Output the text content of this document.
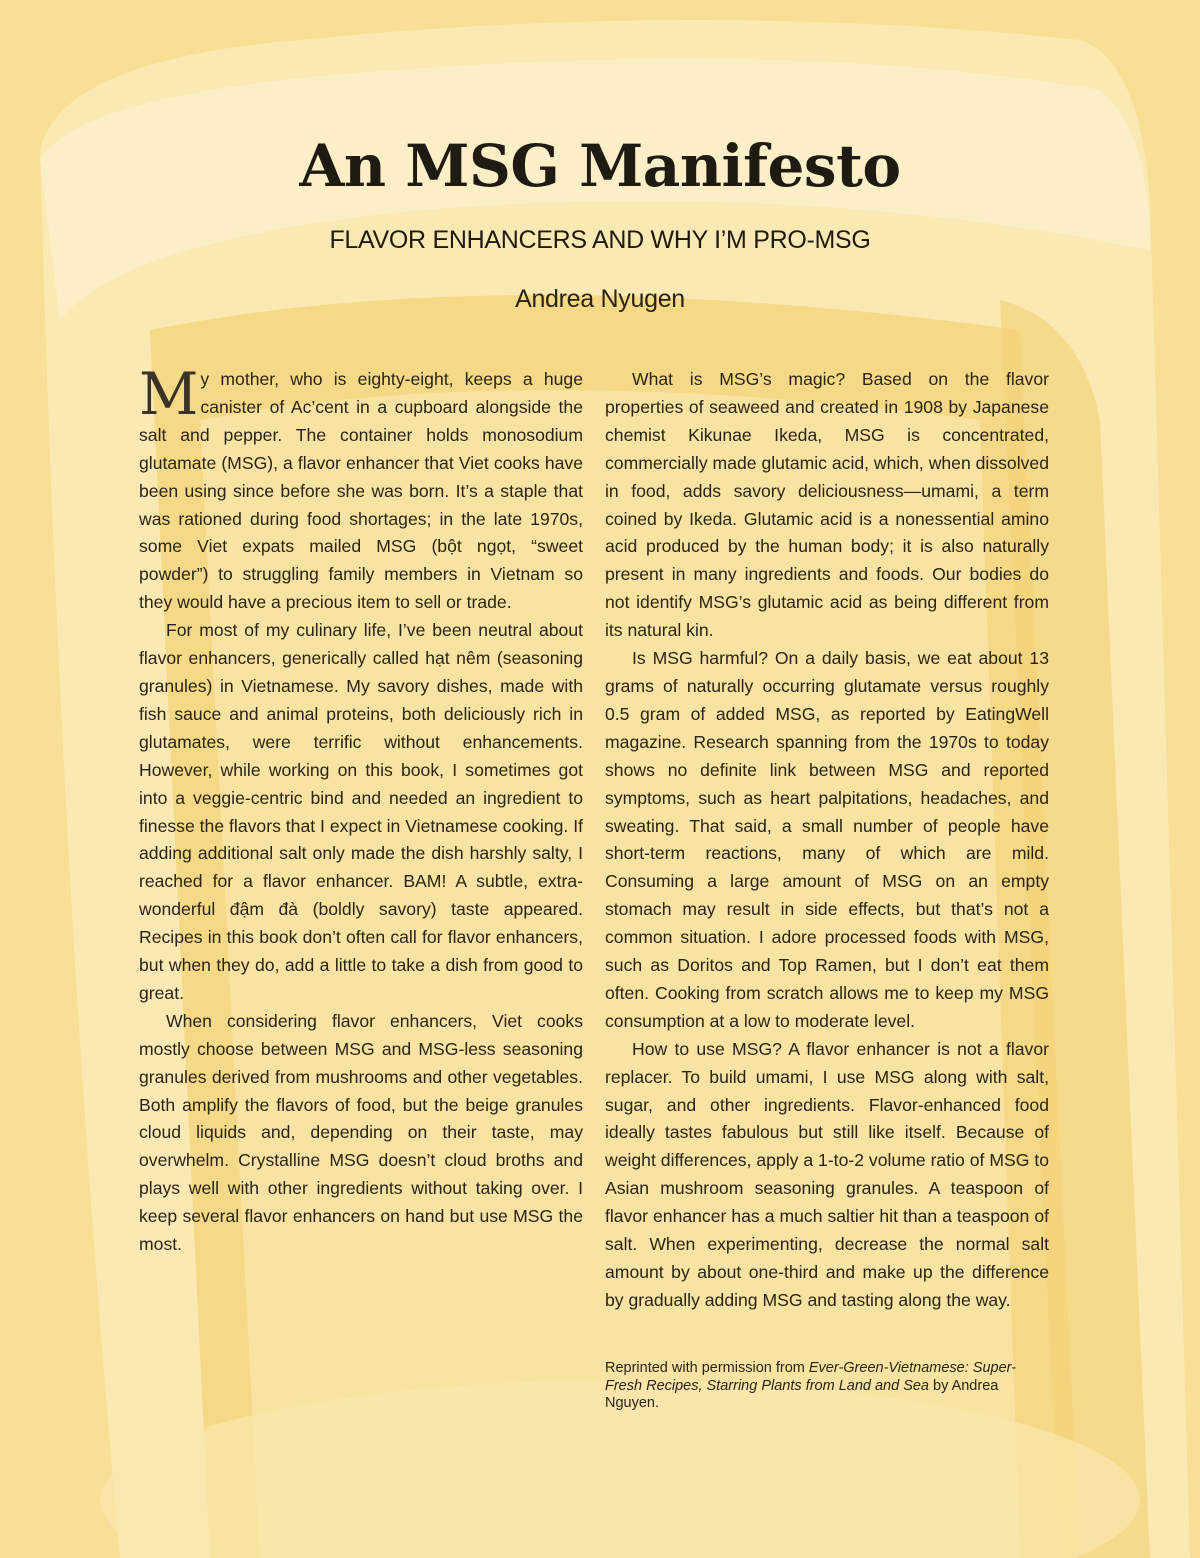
An MSG Manifesto
FLAVOR ENHANCERS AND WHY I’M PRO-MSG
Andrea Nyugen

My mother, who is eighty-eight, keeps a huge canister of Ac’cent in a cupboard alongside the salt and pepper. The container holds monosodium glutamate (MSG), a flavor enhancer that Viet cooks have been using since before she was born. It’s a staple that was rationed during food shortages; in the late 1970s, some Viet expats mailed MSG (bột ngọt, “sweet powder”) to struggling family members in Vietnam so they would have a precious item to sell or trade.

For most of my culinary life, I’ve been neutral about flavor enhancers, generically called hạt nêm (seasoning granules) in Vietnamese. My savory dishes, made with fish sauce and animal proteins, both deliciously rich in glutamates, were terrific without enhancements. However, while working on this book, I sometimes got into a veggie-centric bind and needed an ingredient to finesse the flavors that I expect in Vietnamese cooking. If adding additional salt only made the dish harshly salty, I reached for a flavor enhancer. BAM! A subtle, extra-wonderful đậm đà (boldly savory) taste appeared. Recipes in this book don’t often call for flavor enhancers, but when they do, add a little to take a dish from good to great.

When considering flavor enhancers, Viet cooks mostly choose between MSG and MSG-less seasoning granules derived from mushrooms and other vegetables. Both amplify the flavors of food, but the beige granules cloud liquids and, depending on their taste, may overwhelm. Crystalline MSG doesn’t cloud broths and plays well with other ingredients without taking over. I keep several flavor enhancers on hand but use MSG the most.

What is MSG’s magic? Based on the flavor properties of seaweed and created in 1908 by Japanese chemist Kikunae Ikeda, MSG is concentrated, commercially made glutamic acid, which, when dissolved in food, adds savory deliciousness—umami, a term coined by Ikeda. Glutamic acid is a nonessential amino acid produced by the human body; it is also naturally present in many ingredients and foods. Our bodies do not identify MSG’s glutamic acid as being different from its natural kin.

Is MSG harmful? On a daily basis, we eat about 13 grams of naturally occurring glutamate versus roughly 0.5 gram of added MSG, as reported by EatingWell magazine. Research spanning from the 1970s to today shows no definite link between MSG and reported symptoms, such as heart palpitations, headaches, and sweating. That said, a small number of people have short-term reactions, many of which are mild. Consuming a large amount of MSG on an empty stomach may result in side effects, but that’s not a common situation. I adore processed foods with MSG, such as Doritos and Top Ramen, but I don’t eat them often. Cooking from scratch allows me to keep my MSG consumption at a low to moderate level.

How to use MSG? A flavor enhancer is not a flavor replacer. To build umami, I use MSG along with salt, sugar, and other ingredients. Flavor-enhanced food ideally tastes fabulous but still like itself. Because of weight differences, apply a 1-to-2 volume ratio of MSG to Asian mushroom seasoning granules. A teaspoon of flavor enhancer has a much saltier hit than a teaspoon of salt. When experimenting, decrease the normal salt amount by about one-third and make up the difference by gradually adding MSG and tasting along the way.

Reprinted with permission from Ever-Green-Vietnamese: Super-Fresh Recipes, Starring Plants from Land and Sea by Andrea Nguyen.
